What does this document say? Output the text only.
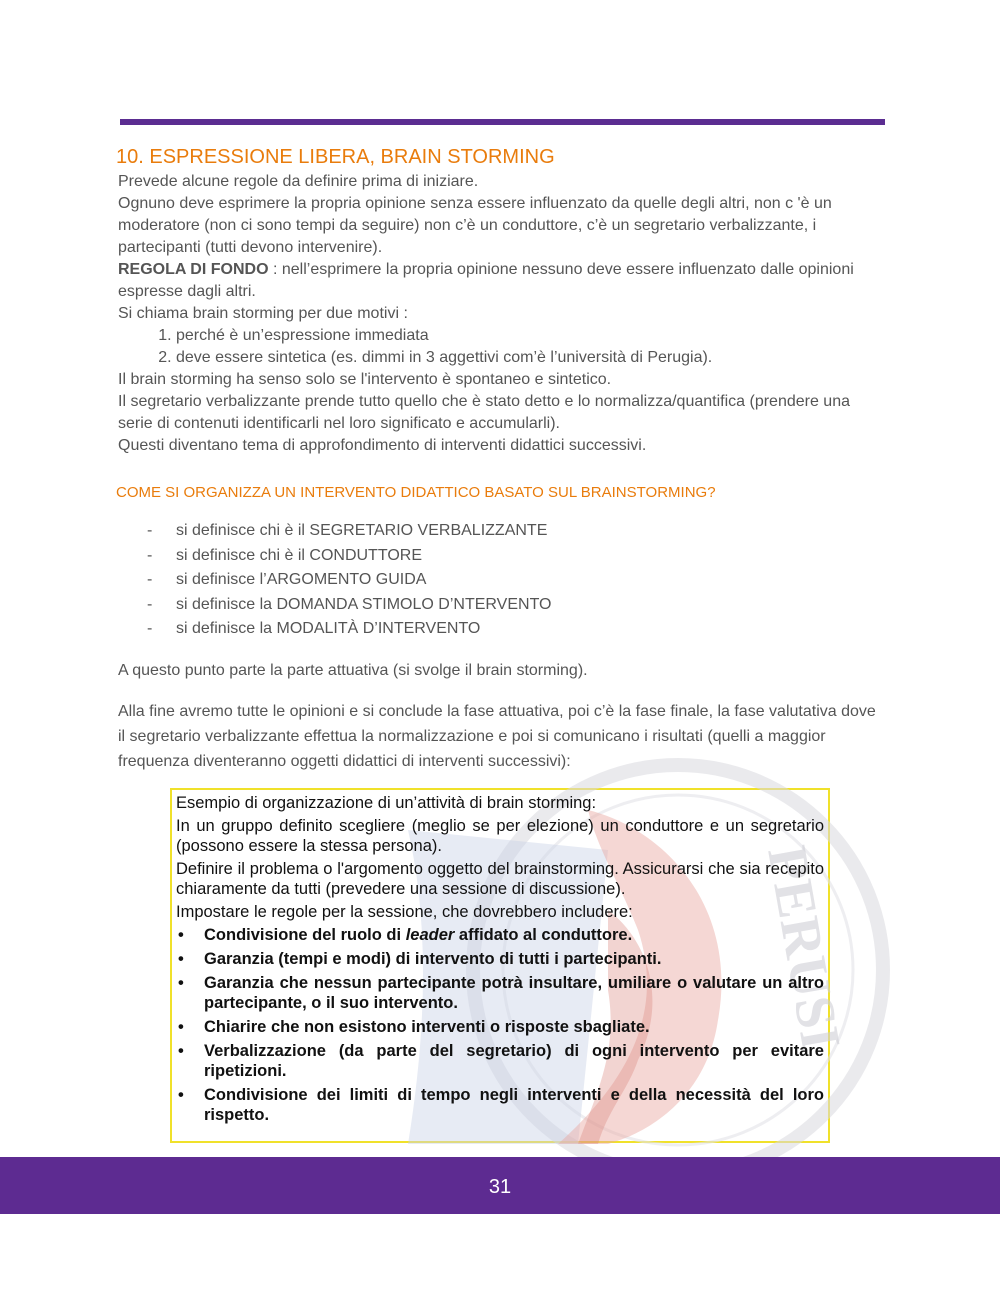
10. ESPRESSIONE LIBERA, BRAIN STORMING

Prevede alcune regole da definire prima di iniziare.

Ognuno deve esprimere la propria opinione senza essere influenzato da quelle degli altri, non c 'è un moderatore (non ci sono tempi da seguire) non c’è un conduttore, c’è un segretario verbalizzante, i partecipanti (tutti devono intervenire).

REGOLA DI FONDO : nell’esprimere la propria opinione nessuno deve essere influenzato dalle opinioni espresse dagli altri.

Si chiama brain storming per due motivi :

1. perché è un’espressione immediata
2. deve essere sintetica (es. dimmi in 3 aggettivi com’è l’università di Perugia).

Il brain storming ha senso solo se l'intervento è spontaneo e sintetico.

Il segretario verbalizzante prende tutto quello che è stato detto e lo normalizza/quantifica (prendere una serie di contenuti identificarli nel loro significato e accumularli).

Questi diventano tema di approfondimento di interventi didattici successivi.

COME SI ORGANIZZA UN INTERVENTO DIDATTICO BASATO SUL BRAINSTORMING?
- si definisce chi è il SEGRETARIO VERBALIZZANTE
- si definisce chi è il CONDUTTORE
- si definisce l’ARGOMENTO GUIDA
- si definisce la DOMANDA STIMOLO D’NTERVENTO
- si definisce la MODALITÀ D’INTERVENTO

A questo punto parte la parte attuativa (si svolge il brain storming).

Alla fine avremo tutte le opinioni e si conclude la fase attuativa, poi c’è la fase finale, la fase valutativa dove il segretario verbalizzante effettua la normalizzazione e poi si comunicano i risultati (quelli a maggior frequenza diventeranno oggetti didattici di interventi successivi):

PERUSI

Esempio di organizzazione di un’attività di brain storming:

In un gruppo definito scegliere (meglio se per elezione) un conduttore e un segretario (possono essere la stessa persona).

Definire il problema o l'argomento oggetto del brainstorming. Assicurarsi che sia recepito chiaramente da tutti (prevedere una sessione di discussione).

Impostare le regole per la sessione, che dovrebbero includere:

• Condivisione del ruolo di leader affidato al conduttore.
• Garanzia (tempi e modi) di intervento di tutti i partecipanti.
• Garanzia che nessun partecipante potrà insultare, umiliare o valutare un altro partecipante, o il suo intervento.
• Chiarire che non esistono interventi o risposte sbagliate.
• Verbalizzazione (da parte del segretario) di ogni intervento per evitare ripetizioni.
• Condivisione dei limiti di tempo negli interventi e della necessità del loro rispetto.
31
